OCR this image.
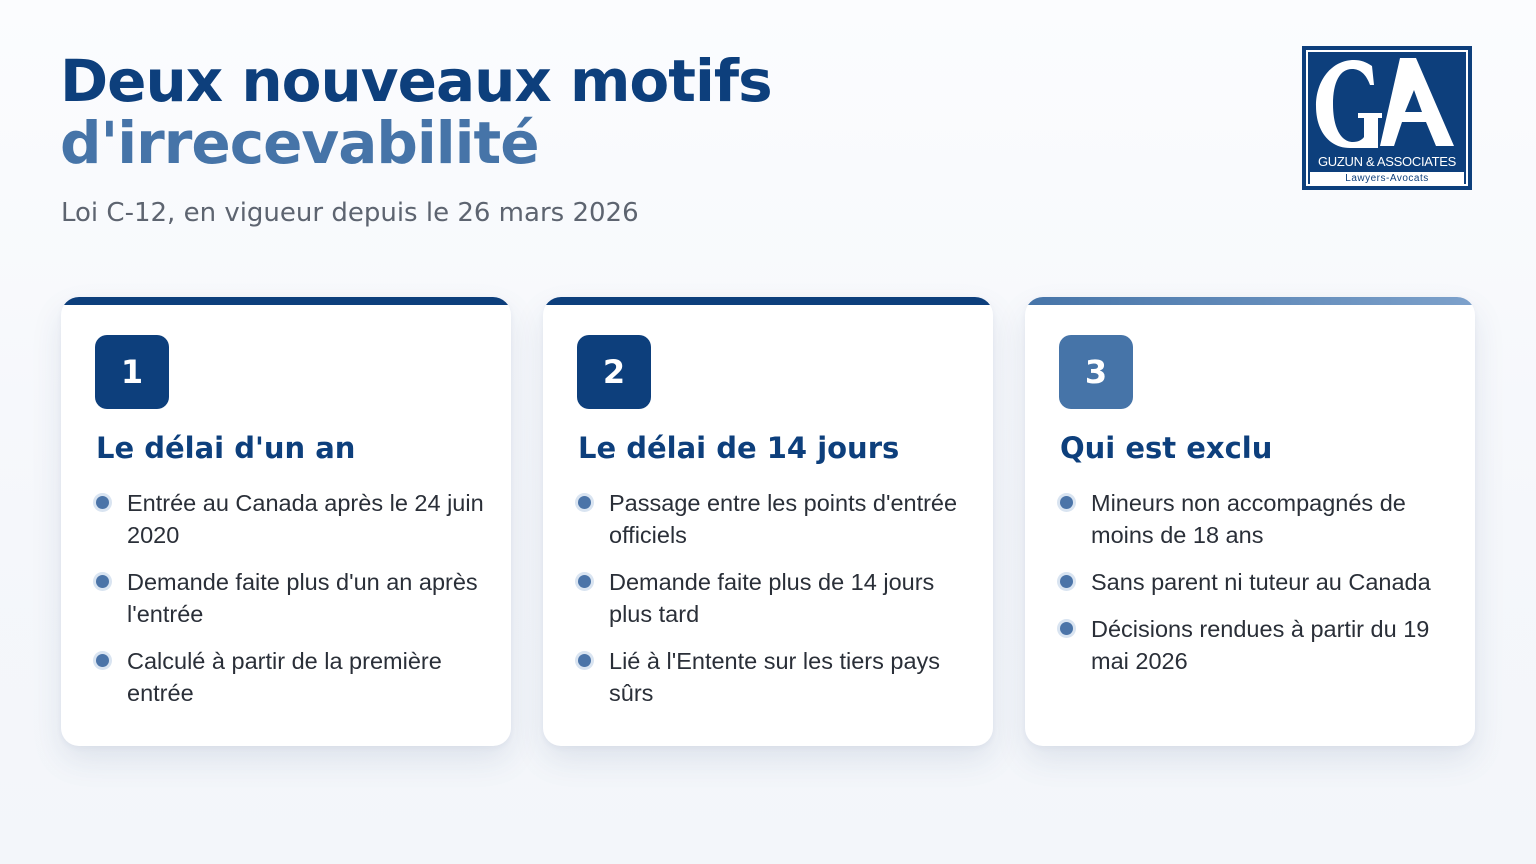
Deux nouveaux motifs
d'irrecevabilité

Loi C-12, en vigueur depuis le 26 mars 2026

GUZUN & ASSOCIATES
Lawyers-Avocats
1
Le délai d'un an
Entrée au Canada après le 24 juin 2020
Demande faite plus d'un an après l'entrée
Calculé à partir de la première entrée
2
Le délai de 14 jours
Passage entre les points d'entrée officiels
Demande faite plus de 14 jours plus tard
Lié à l'Entente sur les tiers pays sûrs
3
Qui est exclu
Mineurs non accompagnés de moins de 18 ans
Sans parent ni tuteur au Canada
Décisions rendues à partir du 19 mai 2026
